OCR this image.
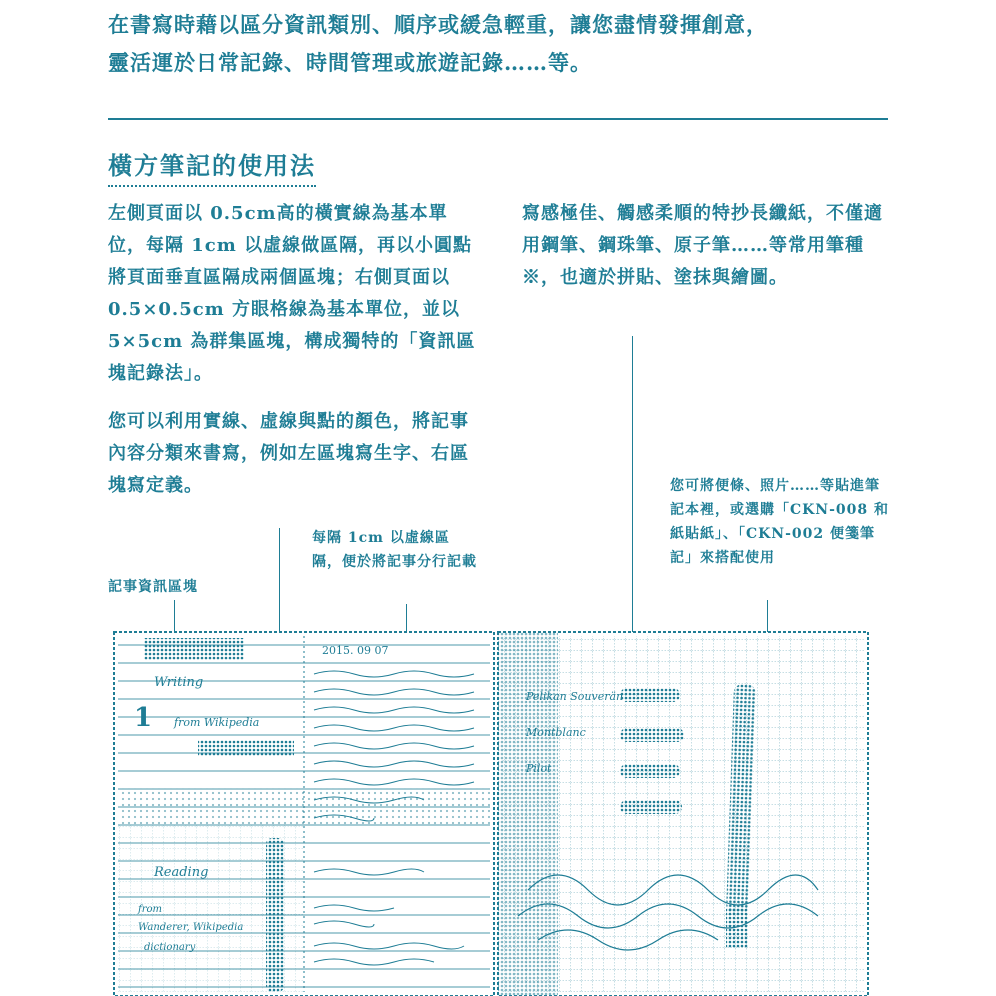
在書寫時藉以區分資訊類別、順序或緩急輕重，讓您盡情發揮創意，
靈活運於日常記錄、時間管理或旅遊記錄……等。
橫方筆記的使用法
左側頁面以 0.5cm高的橫實線為基本單位，每隔 1cm 以虛線做區隔，再以小圓點將頁面垂直區隔成兩個區塊；右側頁面以 0.5×0.5cm 方眼格線為基本單位，並以 5×5cm 為群集區塊，構成獨特的「資訊區塊記錄法」。
您可以利用實線、虛線與點的顏色，將記事內容分類來書寫，例如左區塊寫生字、右區塊寫定義。
寫感極佳、觸感柔順的特抄長纖紙，不僅適用鋼筆、鋼珠筆、原子筆……等常用筆種※，也適於拼貼、塗抹與繪圖。
記事資訊區塊
每隔 1cm 以虛線區隔，便於將記事分行記載
您可將便條、照片……等貼進筆記本裡，或選購「CKN-008 和紙貼紙」、「CKN-002 便箋筆記」來搭配使用
Writing
1 from Wikipedia
Reading
from
Wanderer, Wikipedia
dictionary
2015. 09 07
Pelikan Souverän
Montblanc
Pilot
